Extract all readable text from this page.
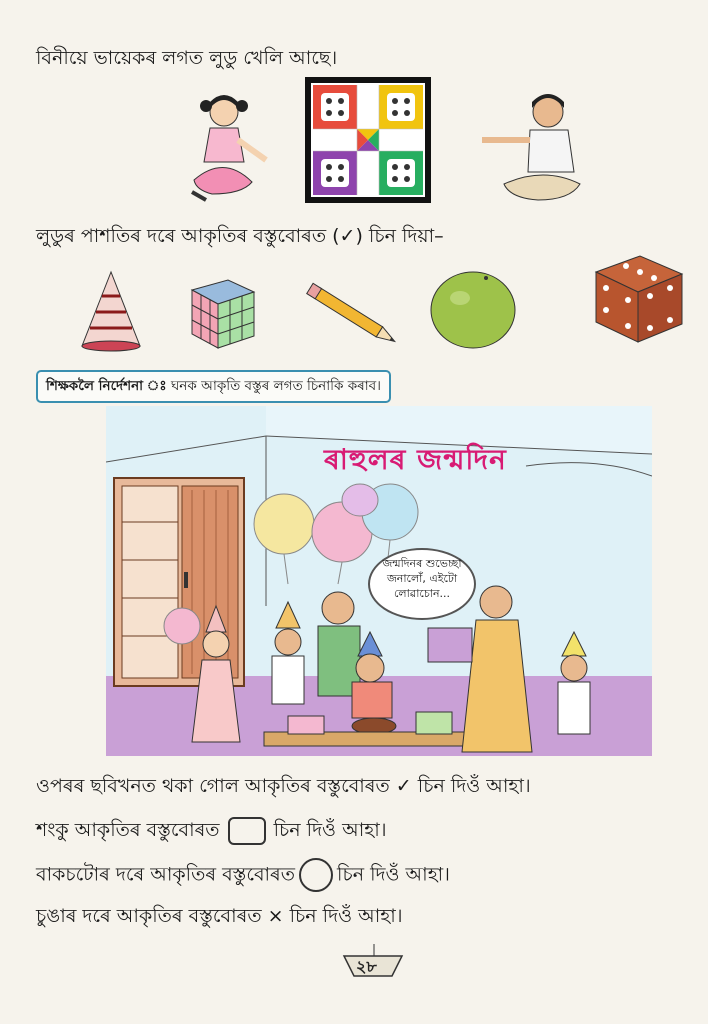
বিনীয়ে ভায়েকৰ লগত লুডু খেলি আছে।
লুডুৰ পাশতিৰ দৰে আকৃতিৰ বস্তুবোৰত (✓) চিন দিয়া–
শিক্ষকলৈ নিৰ্দেশনা ঃ ঘনক আকৃতি বস্তুৰ লগত চিনাকি কৰাব।
ৰাহুলৰ জন্মদিন
জন্মদিনৰ শুভেচ্ছা
জনালোঁ, এইটো
লোৱাচোন...
ওপৰৰ ছবিখনত থকা গোল আকৃতিৰ বস্তুবোৰত ✓ চিন দিওঁ আহা।
শংকু আকৃতিৰ বস্তুবোৰত	চিন দিওঁ আহা।
বাকচটোৰ দৰে আকৃতিৰ বস্তুবোৰত ○ চিন দিওঁ আহা।
চুঙাৰ দৰে আকৃতিৰ বস্তুবোৰত × চিন দিওঁ আহা।
২৮
